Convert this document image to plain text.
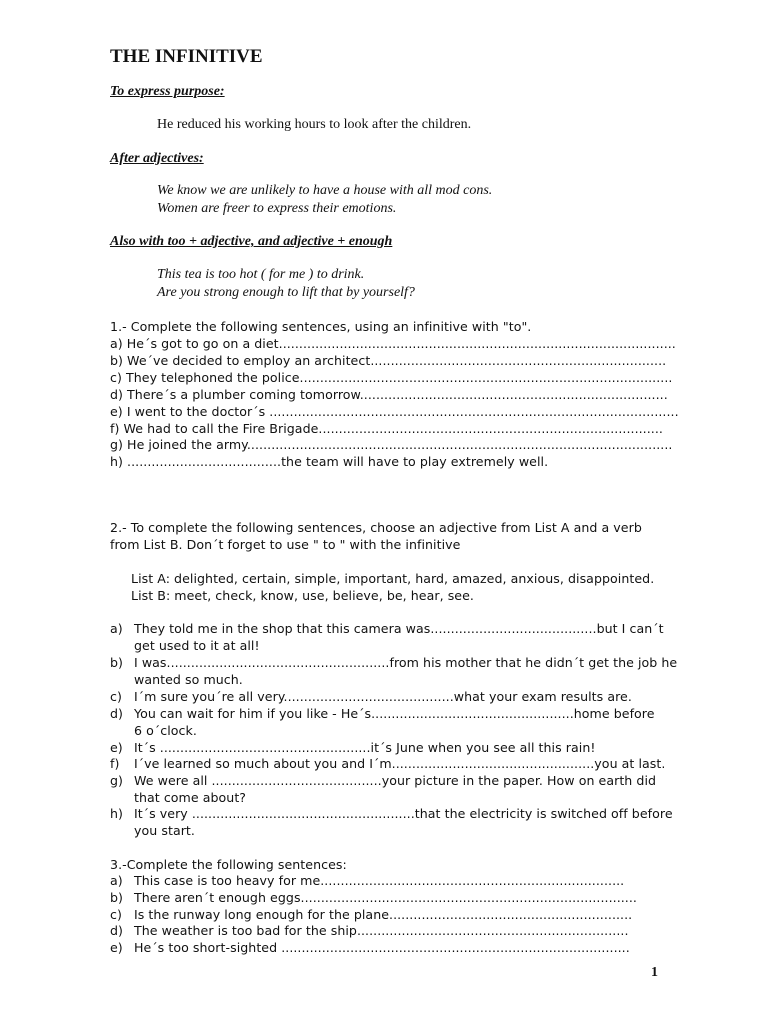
THE INFINITIVE
To express purpose:
He reduced his working hours to look after the children.
After adjectives:
We know we are unlikely to have a house with all mod cons.
Women are freer to express their emotions.
Also with too + adjective, and adjective + enough
This tea is too hot ( for me ) to drink.
Are you strong enough to lift that by yourself?
1.- Complete the following sentences, using an infinitive with "to".
a) He´s got to go on a diet..................................................................................................
b) We´ve decided to employ an architect.........................................................................
c) They telephoned the police............................................................................................
d) There´s a plumber coming tomorrow............................................................................
e) I went to the doctor´s .....................................................................................................
f) We had to call the Fire Brigade.....................................................................................
g) He joined the army.........................................................................................................
h) ......................................the team will have to play extremely well.
2.- To complete the following sentences, choose an adjective from List A and a verb
from List B. Don´t forget to use " to " with the infinitive
List A: delighted, certain, simple, important, hard, amazed, anxious, disappointed.
List B: meet, check, know, use, believe, be, hear, see.
a) They told me in the shop that this camera was.........................................but I can´t
get used to it at all!
b) I was.......................................................from his mother that he didn´t get the job he
wanted so much.
c) I´m sure you´re all very..........................................what your exam results are.
d) You can wait for him if you like - He´s..................................................home before
6 o´clock.
e) It´s ....................................................it´s June when you see all this rain!
f) I´ve learned so much about you and I´m..................................................you at last.
g) We were all ..........................................your picture in the paper. How on earth did
that come about?
h) It´s very .......................................................that the electricity is switched off before
you start.
3.-Complete the following sentences:
a) This case is too heavy for me...........................................................................
b) There aren´t enough eggs...................................................................................
c) Is the runway long enough for the plane............................................................
d) The weather is too bad for the ship...................................................................
e) He´s too short-sighted ......................................................................................
1
